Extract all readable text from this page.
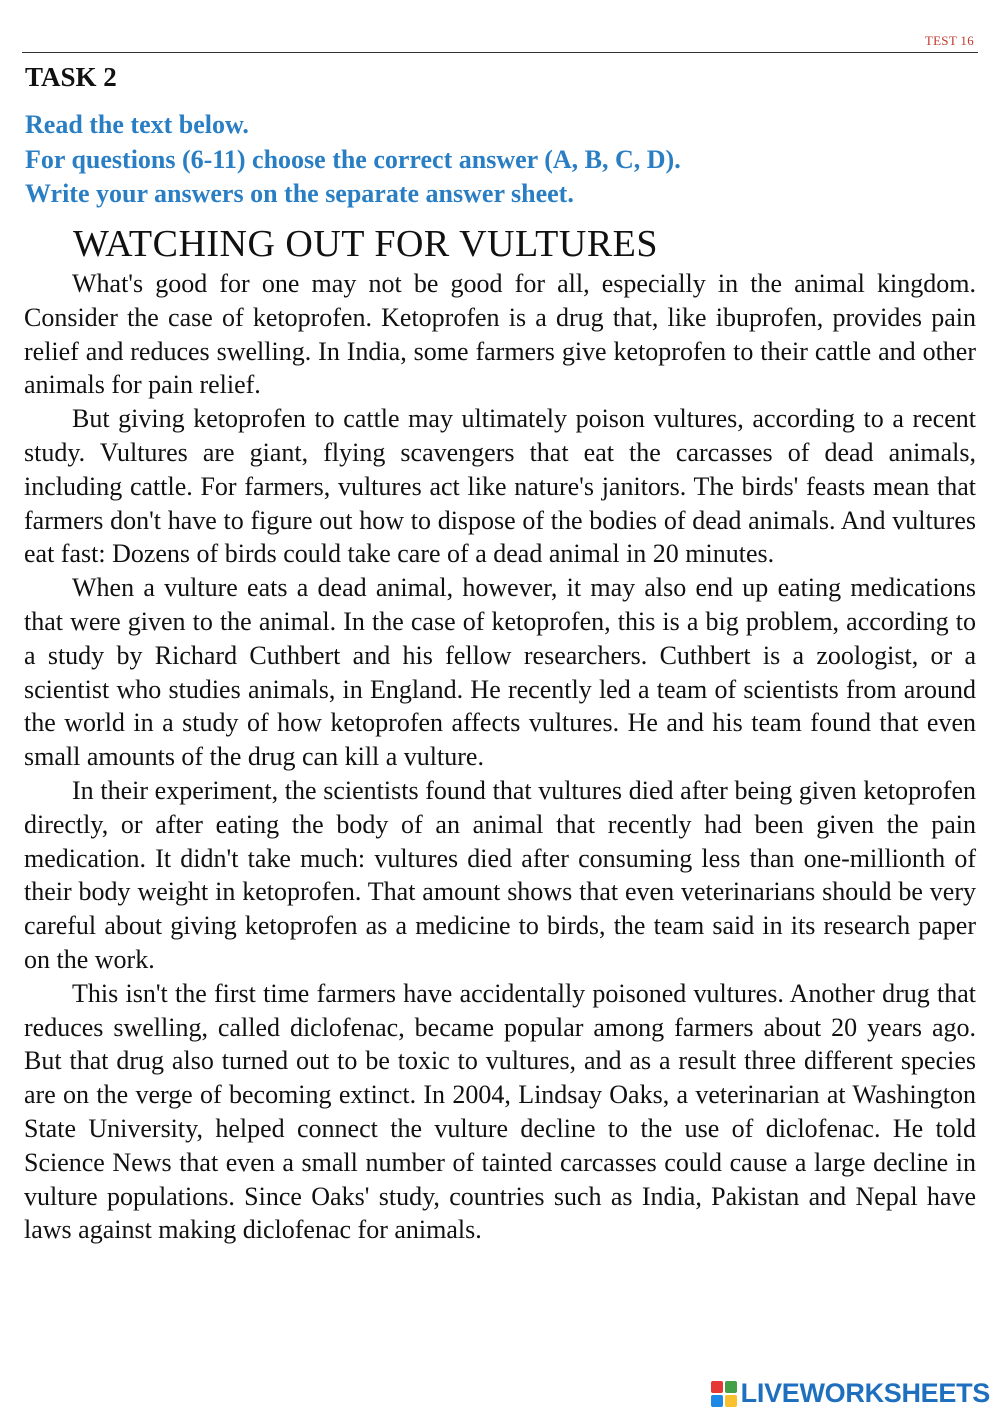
TEST 16
TASK 2
Read the text below.
For questions (6-11) choose the correct answer (A, B, C, D).
Write your answers on the separate answer sheet.
WATCHING OUT FOR VULTURES

What's good for one may not be good for all, especially in the animal kingdom. Consider the case of ketoprofen. Ketoprofen is a drug that, like ibuprofen, provides pain relief and reduces swelling. In India, some farmers give ketoprofen to their cattle and other animals for pain relief.

But giving ketoprofen to cattle may ultimately poison vultures, according to a recent study. Vultures are giant, flying scavengers that eat the carcasses of dead animals, including cattle. For farmers, vultures act like nature's janitors. The birds' feasts mean that farmers don't have to figure out how to dispose of the bodies of dead animals. And vultures eat fast: Dozens of birds could take care of a dead animal in 20 minutes.

When a vulture eats a dead animal, however, it may also end up eating medications that were given to the animal. In the case of ketoprofen, this is a big problem, according to a study by Richard Cuthbert and his fellow researchers. Cuthbert is a zoologist, or a scientist who studies animals, in England. He recently led a team of scientists from around the world in a study of how ketoprofen affects vultures. He and his team found that even small amounts of the drug can kill a vulture.

In their experiment, the scientists found that vultures died after being given ketoprofen directly, or after eating the body of an animal that recently had been given the pain medication. It didn't take much: vultures died after consuming less than one-millionth of their body weight in ketoprofen. That amount shows that even veterinarians should be very careful about giving ketoprofen as a medicine to birds, the team said in its research paper on the work.

This isn't the first time farmers have accidentally poisoned vultures. Another drug that reduces swelling, called diclofenac, became popular among farmers about 20 years ago. But that drug also turned out to be toxic to vultures, and as a result three different species are on the verge of becoming extinct. In 2004, Lindsay Oaks, a veterinarian at Washington State University, helped connect the vulture decline to the use of diclofenac. He told Science News that even a small number of tainted carcasses could cause a large decline in vulture populations. Since Oaks' study, countries such as India, Pakistan and Nepal have laws against making diclofenac for animals.

LIVEWORKSHEETS
